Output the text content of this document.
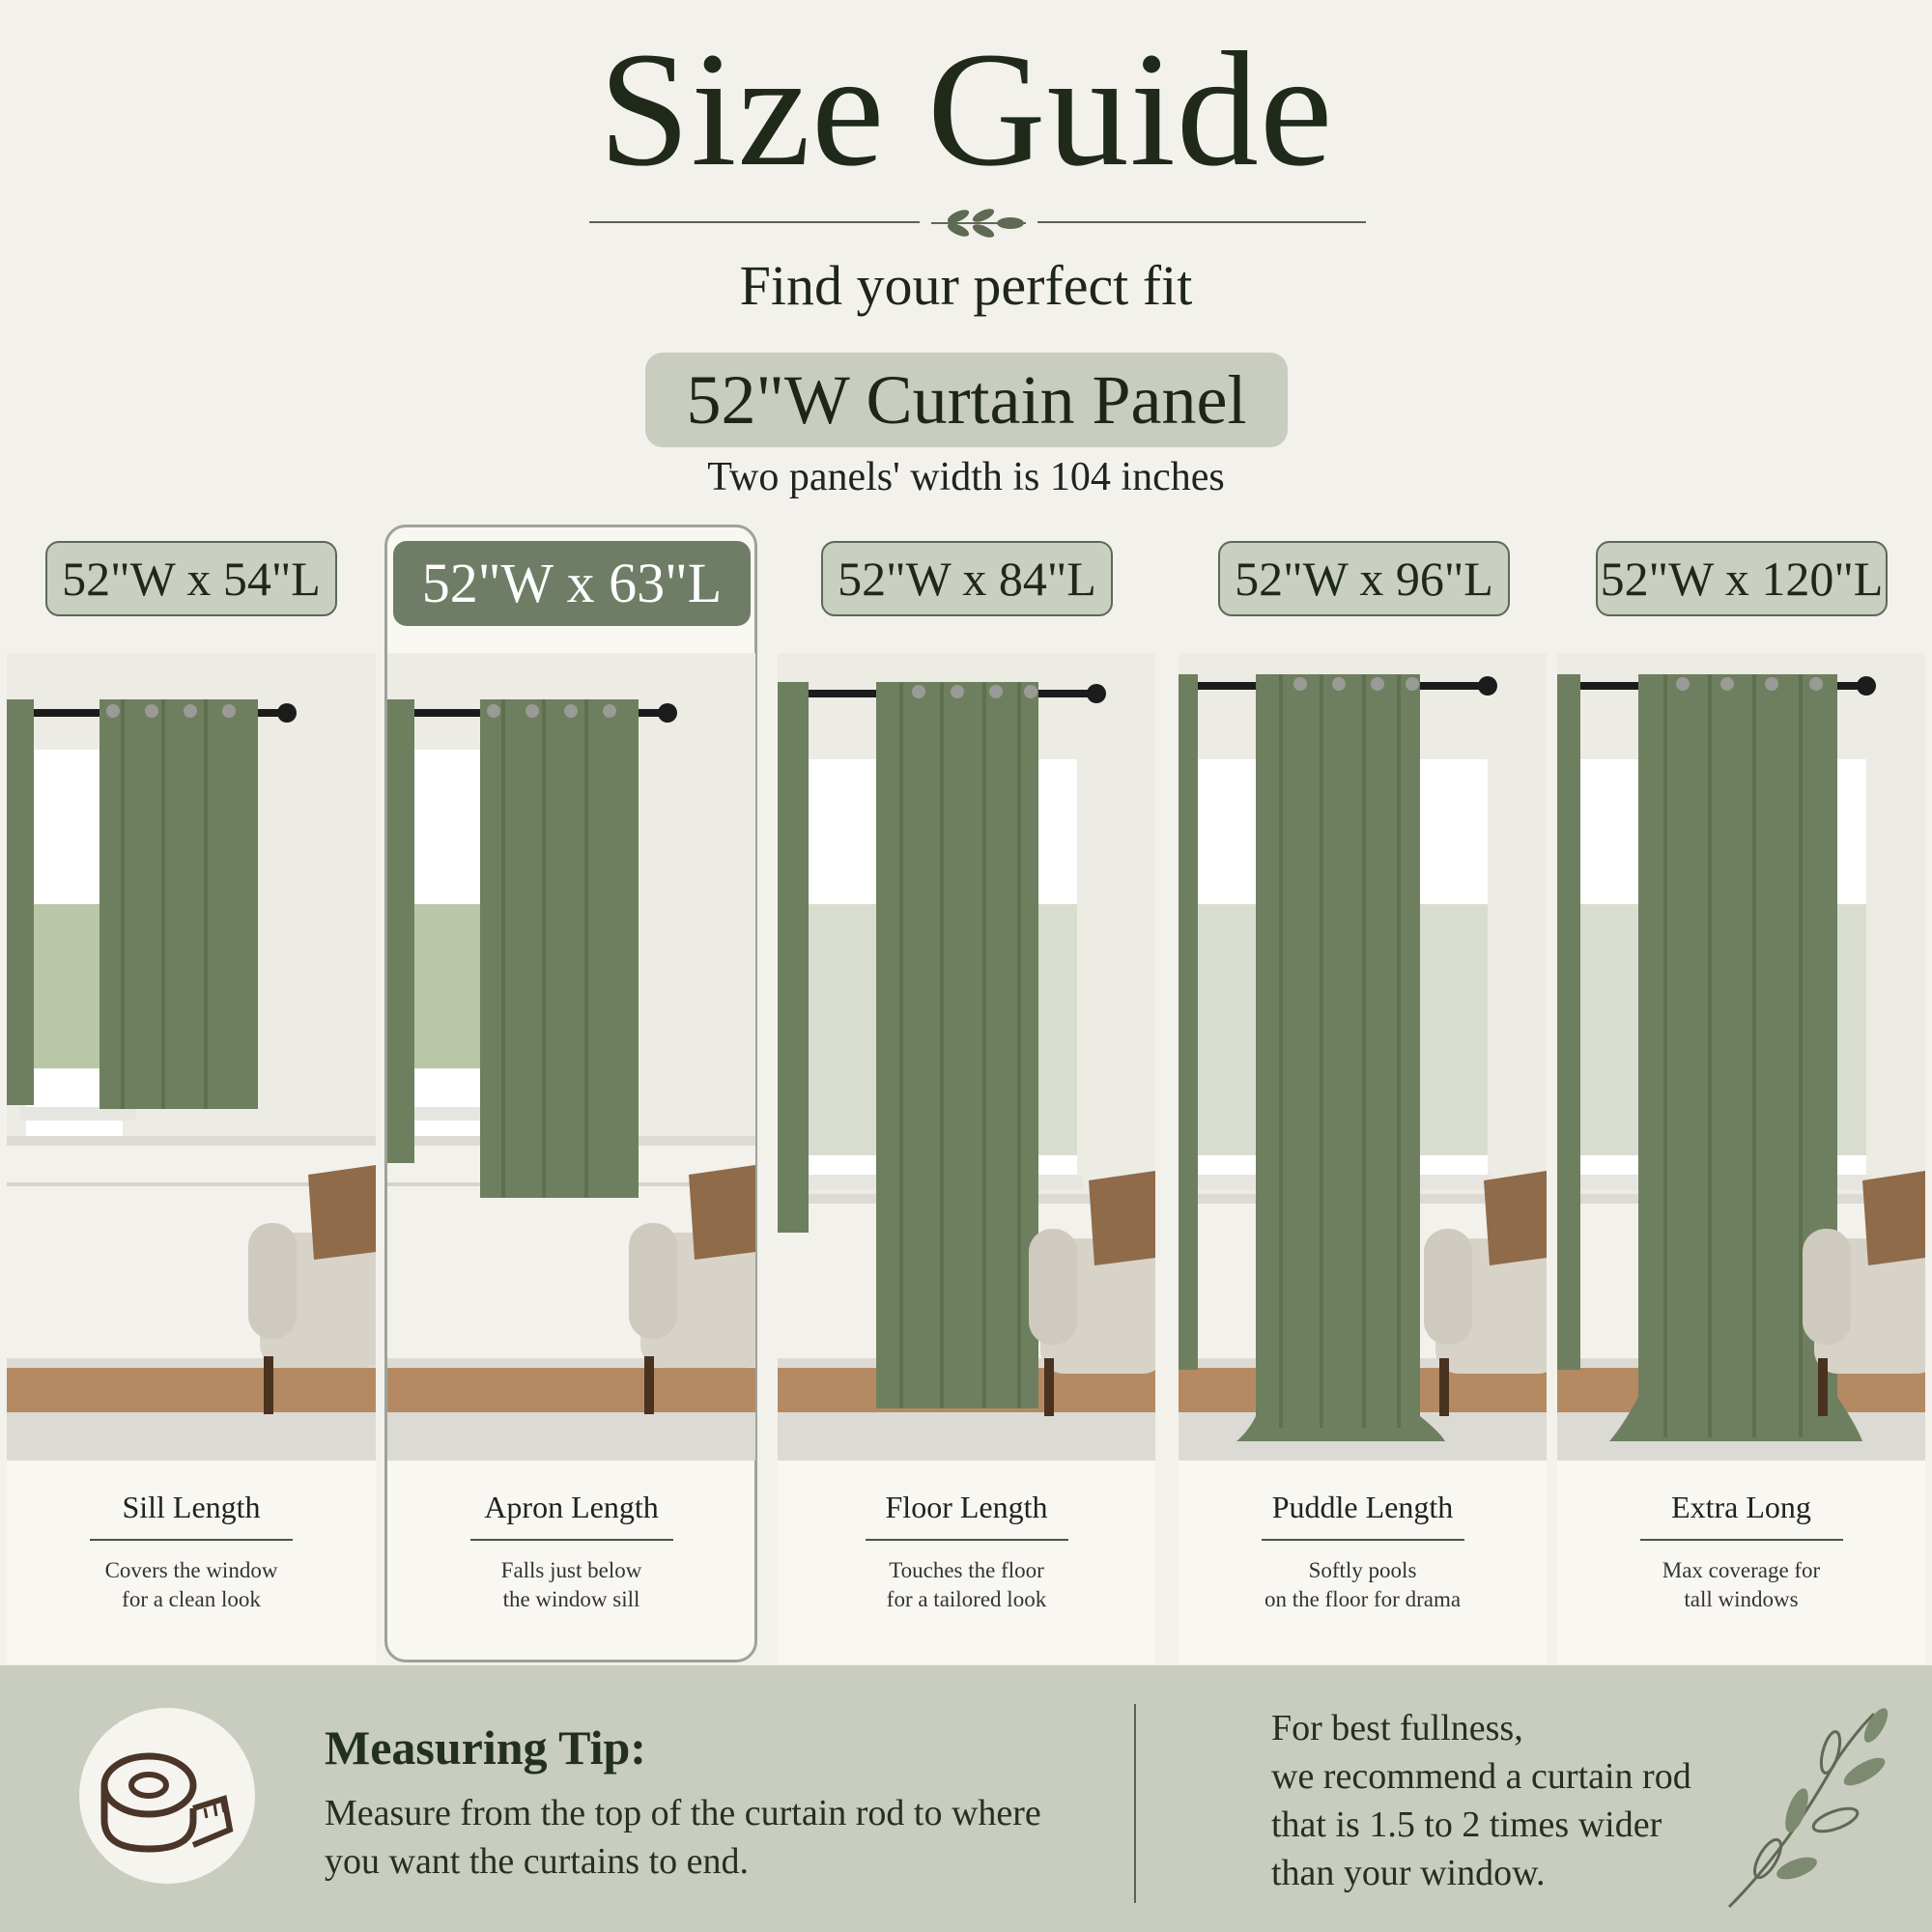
Size Guide
Find your perfect fit
52"W Curtain Panel
Two panels' width is 104 inches
52"W x 54"L	52"W x 63"L	52"W x 84"L	52"W x 96"L	52"W x 120"L
Sill Length
Covers the window
for a clean look
Apron Length
Falls just below
the window sill
Floor Length
Touches the floor
for a tailored look
Puddle Length
Softly pools
on the floor for drama
Extra Long
Max coverage for
tall windows
Measuring Tip:
Measure from the top of the curtain rod to where
you want the curtains to end.
For best fullness,
we recommend a curtain rod
that is 1.5 to 2 times wider
than your window.
